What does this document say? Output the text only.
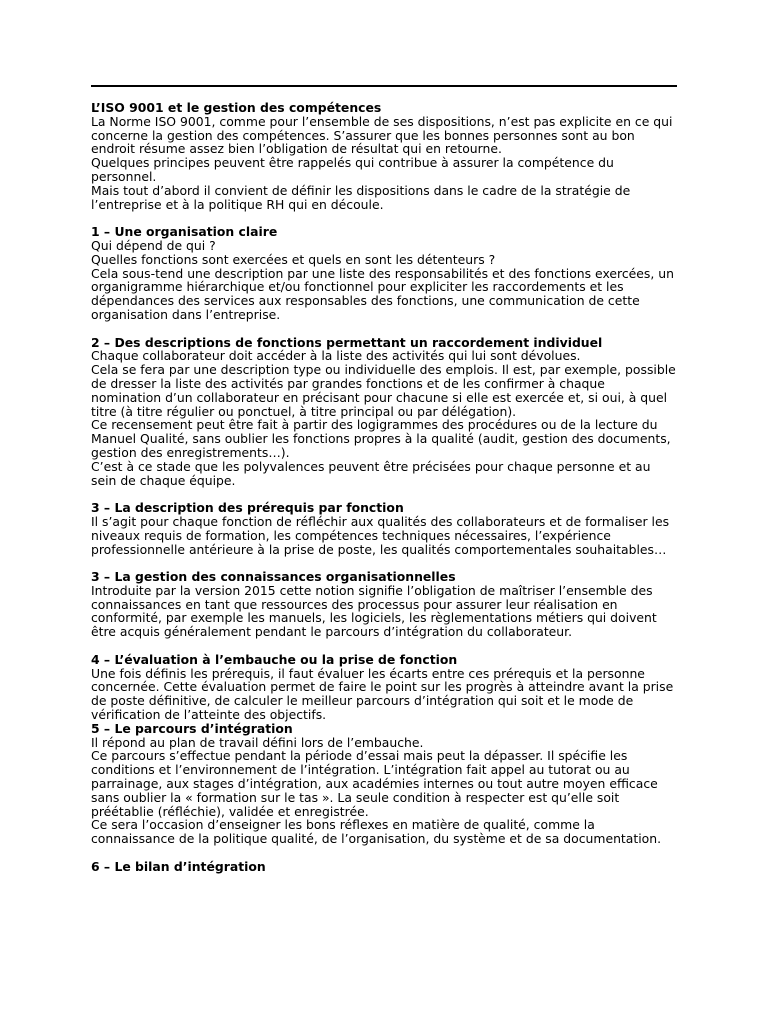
L’ISO 9001 et le gestion des compétences

La Norme ISO 9001, comme pour l’ensemble de ses dispositions, n’est pas explicite en ce qui concerne la gestion des compétences. S’assurer que les bonnes personnes sont au bon endroit résume assez bien l’obligation de résultat qui en retourne.

Quelques principes peuvent être rappelés qui contribue à assurer la compétence du personnel.

Mais tout d’abord il convient de définir les dispositions dans le cadre de la stratégie de l’entreprise et à la politique RH qui en découle.

1 – Une organisation claire

Qui dépend de qui ?

Quelles fonctions sont exercées et quels en sont les détenteurs ?

Cela sous-tend une description par une liste des responsabilités et des fonctions exercées, un organigramme hiérarchique et/ou fonctionnel pour expliciter les raccordements et les dépendances des services aux responsables des fonctions, une communication de cette organisation dans l’entreprise.

2 – Des descriptions de fonctions permettant un raccordement individuel

Chaque collaborateur doit accéder à la liste des activités qui lui sont dévolues.

Cela se fera par une description type ou individuelle des emplois. Il est, par exemple, possible de dresser la liste des activités par grandes fonctions et de les confirmer à chaque nomination d’un collaborateur en précisant pour chacune si elle est exercée et, si oui, à quel titre (à titre régulier ou ponctuel, à titre principal ou par délégation).

Ce recensement peut être fait à partir des logigrammes des procédures ou de la lecture du Manuel Qualité, sans oublier les fonctions propres à la qualité (audit, gestion des documents, gestion des enregistrements…).

C’est à ce stade que les polyvalences peuvent être précisées pour chaque personne et au sein de chaque équipe.

3 – La description des prérequis par fonction

Il s’agit pour chaque fonction de réfléchir aux qualités des collaborateurs et de formaliser les niveaux requis de formation, les compétences techniques nécessaires, l’expérience professionnelle antérieure à la prise de poste, les qualités comportementales souhaitables…

3 – La gestion des connaissances organisationnelles

Introduite par la version 2015 cette notion signifie l’obligation de maîtriser l’ensemble des connaissances en tant que ressources des processus pour assurer leur réalisation en conformité, par exemple les manuels, les logiciels, les règlementations métiers qui doivent être acquis généralement pendant le parcours d’intégration du collaborateur.

4 – L’évaluation à l’embauche ou la prise de fonction

Une fois définis les prérequis, il faut évaluer les écarts entre ces prérequis et la personne concernée. Cette évaluation permet de faire le point sur les progrès à atteindre avant la prise de poste définitive, de calculer le meilleur parcours d’intégration qui soit et le mode de vérification de l’atteinte des objectifs.

5 – Le parcours d’intégration

Il répond au plan de travail défini lors de l’embauche.

Ce parcours s’effectue pendant la période d’essai mais peut la dépasser. Il spécifie les conditions et l’environnement de l’intégration. L’intégration fait appel au tutorat ou au parrainage, aux stages d’intégration, aux académies internes ou tout autre moyen efficace sans oublier la « formation sur le tas ». La seule condition à respecter est qu’elle soit préétablie (réfléchie), validée et enregistrée.

Ce sera l’occasion d’enseigner les bons réflexes en matière de qualité, comme la connaissance de la politique qualité, de l’organisation, du système et de sa documentation.

6 – Le bilan d’intégration
